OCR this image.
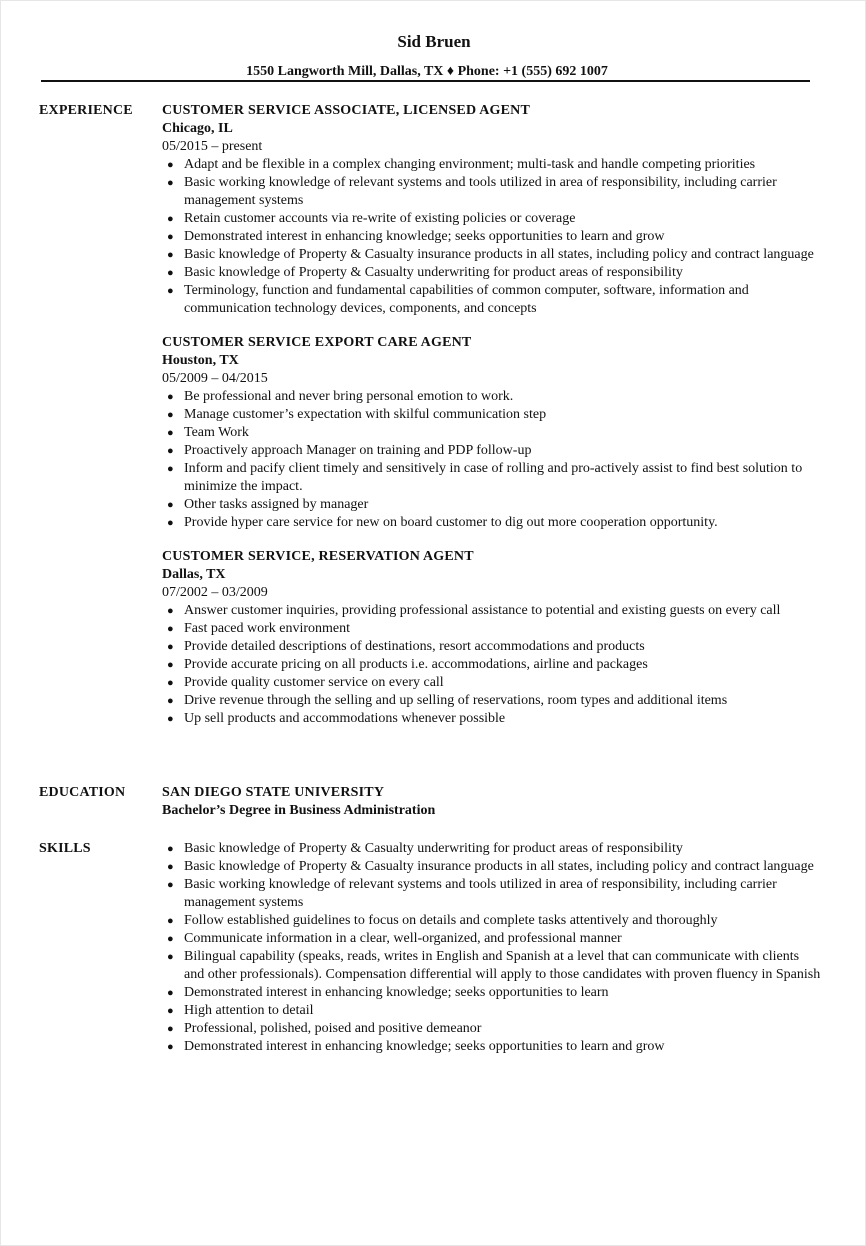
Sid Bruen
1550 Langworth Mill, Dallas, TX ♦ Phone: +1 (555) 692 1007
EXPERIENCE CUSTOMER SERVICE ASSOCIATE, LICENSED AGENT
Chicago, IL
05/2015 – present
● Adapt and be flexible in a complex changing environment; multi-task and handle competing priorities
● Basic working knowledge of relevant systems and tools utilized in area of responsibility, including carrier management systems
● Retain customer accounts via re-write of existing policies or coverage
● Demonstrated interest in enhancing knowledge; seeks opportunities to learn and grow
● Basic knowledge of Property & Casualty insurance products in all states, including policy and contract language
● Basic knowledge of Property & Casualty underwriting for product areas of responsibility
● Terminology, function and fundamental capabilities of common computer, software, information and communication technology devices, components, and concepts
CUSTOMER SERVICE EXPORT CARE AGENT
Houston, TX
05/2009 – 04/2015
● Be professional and never bring personal emotion to work.
● Manage customer’s expectation with skilful communication step
● Team Work
● Proactively approach Manager on training and PDP follow-up
● Inform and pacify client timely and sensitively in case of rolling and pro-actively assist to find best solution to minimize the impact.
● Other tasks assigned by manager
● Provide hyper care service for new on board customer to dig out more cooperation opportunity.
CUSTOMER SERVICE, RESERVATION AGENT
Dallas, TX
07/2002 – 03/2009
● Answer customer inquiries, providing professional assistance to potential and existing guests on every call
● Fast paced work environment
● Provide detailed descriptions of destinations, resort accommodations and products
● Provide accurate pricing on all products i.e. accommodations, airline and packages
● Provide quality customer service on every call
● Drive revenue through the selling and up selling of reservations, room types and additional items
● Up sell products and accommodations whenever possible
EDUCATION	SAN DIEGO STATE UNIVERSITY
Bachelor’s Degree in Business Administration
SKILLS	● Basic knowledge of Property & Casualty underwriting for product areas of responsibility
● Basic knowledge of Property & Casualty insurance products in all states, including policy and contract language
● Basic working knowledge of relevant systems and tools utilized in area of responsibility, including carrier management systems
● Follow established guidelines to focus on details and complete tasks attentively and thoroughly
● Communicate information in a clear, well-organized, and professional manner
● Bilingual capability (speaks, reads, writes in English and Spanish at a level that can communicate with clients and other professionals). Compensation differential will apply to those candidates with proven fluency in Spanish
● Demonstrated interest in enhancing knowledge; seeks opportunities to learn
● High attention to detail
● Professional, polished, poised and positive demeanor
● Demonstrated interest in enhancing knowledge; seeks opportunities to learn and grow
